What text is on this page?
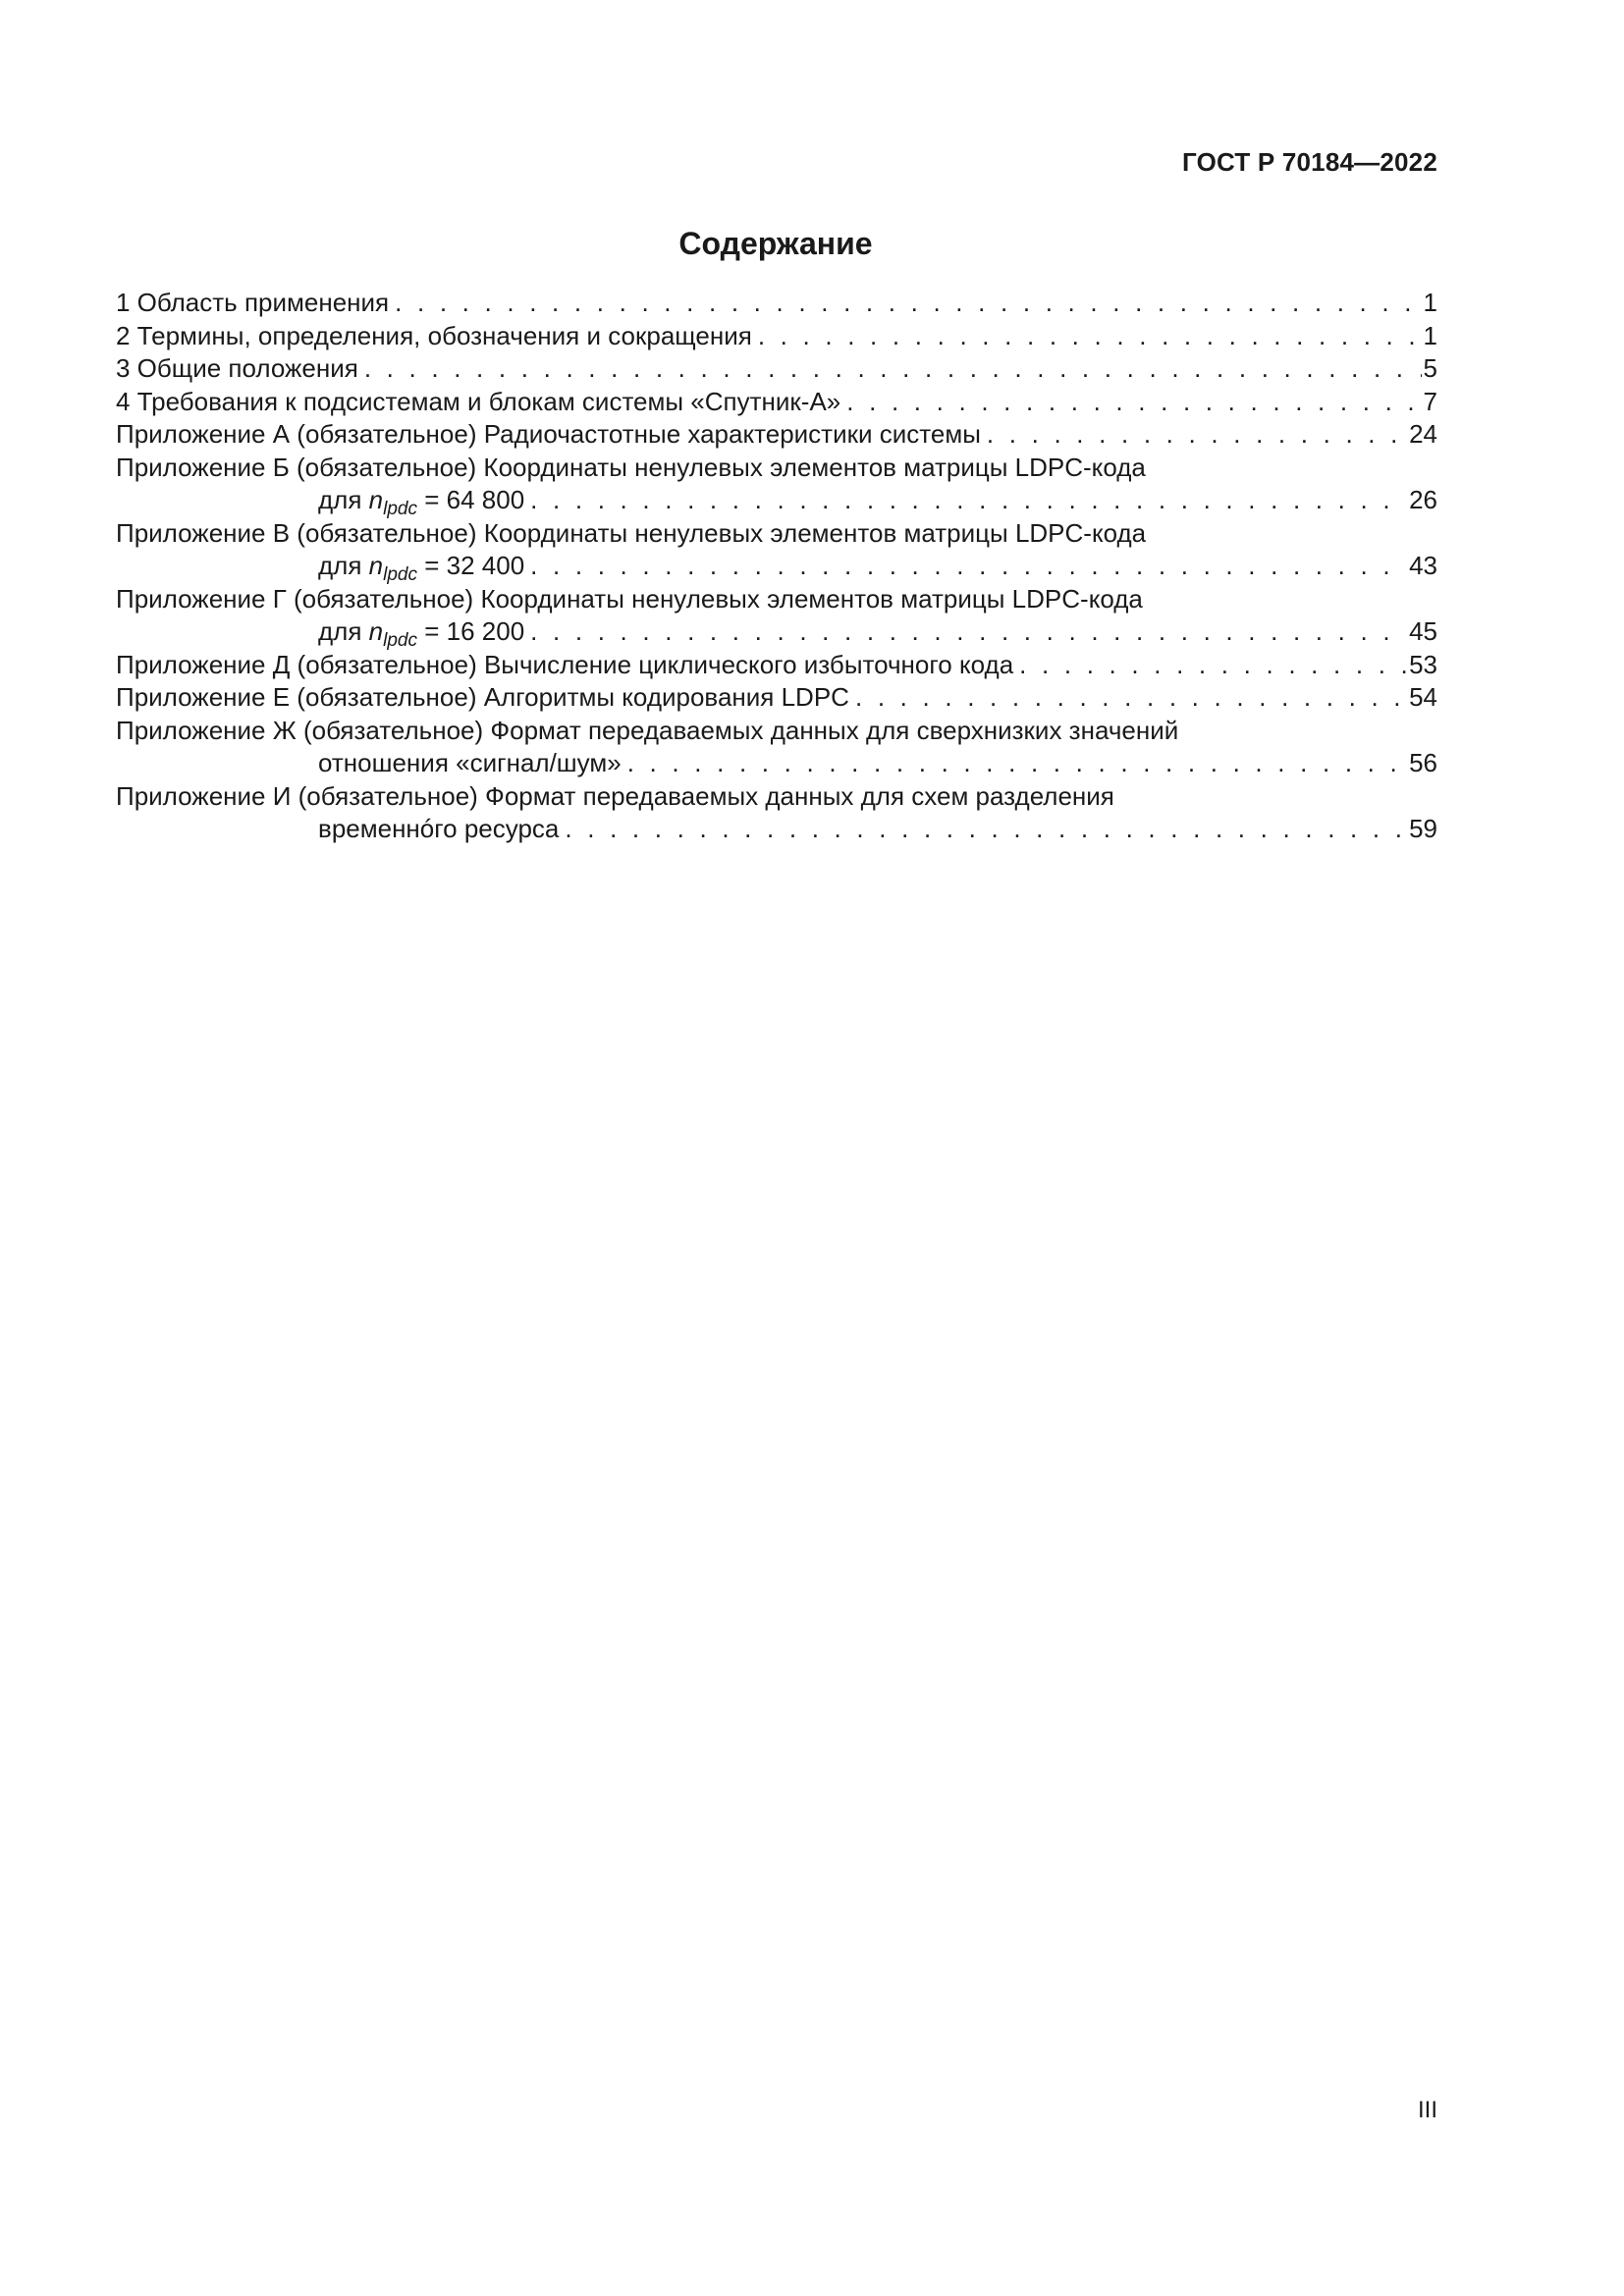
ГОСТ Р 70184—2022
Содержание
1 Область применения . . .	1
2 Термины, определения, обозначения и сокращения . . .	1
3 Общие положения . . .	5
4 Требования к подсистемам и блокам системы «Спутник-А» . . .	7
Приложение А (обязательное) Радиочастотные характеристики системы . . .	24
Приложение Б (обязательное) Координаты ненулевых элементов матрицы LDPC-кода
для $n_{lpdc} = 64$ 800 . . .	26
Приложение В (обязательное) Координаты ненулевых элементов матрицы LDPC-кода
для $n_{lpdc} = 32$ 400 . . .	43
Приложение Г (обязательное) Координаты ненулевых элементов матрицы LDPC-кода
для $n_{lpdc} = 16$ 200 . . .	45
Приложение Д (обязательное) Вычисление циклического избыточного кода . . .	53
Приложение Е (обязательное) Алгоритмы кодирования LDPC . . .	54
Приложение Ж (обязательное) Формат передаваемых данных для сверхнизких значений
отношения «сигнал/шум» . . .	56
Приложение И (обязательное) Формат передаваемых данных для схем разделения
временнóго ресурса . . .	59
III
